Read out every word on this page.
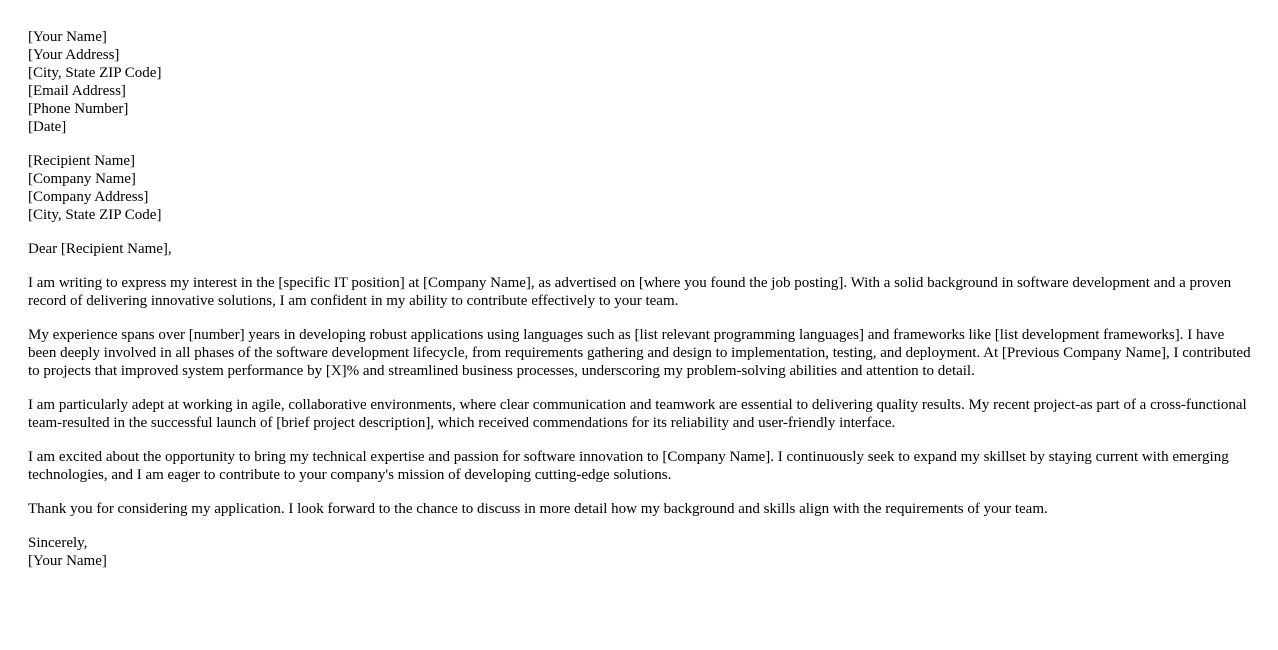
[Your Name]
[Your Address]
[City, State ZIP Code]
[Email Address]
[Phone Number]
[Date]
[Recipient Name]
[Company Name]
[Company Address]
[City, State ZIP Code]

Dear [Recipient Name],

I am writing to express my interest in the [specific IT position] at [Company Name], as advertised on [where you found the job posting]. With a solid background in software development and a proven record of delivering innovative solutions, I am confident in my ability to contribute effectively to your team.

My experience spans over [number] years in developing robust applications using languages such as [list relevant programming languages] and frameworks like [list development frameworks]. I have been deeply involved in all phases of the software development lifecycle, from requirements gathering and design to implementation, testing, and deployment. At [Previous Company Name], I contributed to projects that improved system performance by [X]% and streamlined business processes, underscoring my problem-solving abilities and attention to detail.

I am particularly adept at working in agile, collaborative environments, where clear communication and teamwork are essential to delivering quality results. My recent project-as part of a cross-functional team-resulted in the successful launch of [brief project description], which received commendations for its reliability and user-friendly interface.

I am excited about the opportunity to bring my technical expertise and passion for software innovation to [Company Name]. I continuously seek to expand my skillset by staying current with emerging technologies, and I am eager to contribute to your company's mission of developing cutting-edge solutions.

Thank you for considering my application. I look forward to the chance to discuss in more detail how my background and skills align with the requirements of your team.

Sincerely,
[Your Name]
